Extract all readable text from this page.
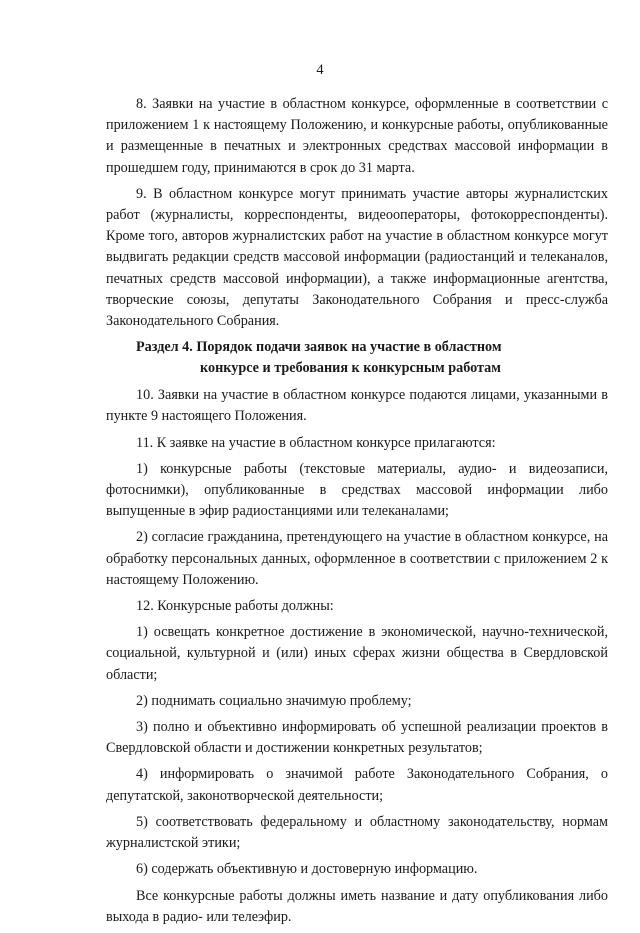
4

8. Заявки на участие в областном конкурсе, оформленные в соответствии с приложением 1 к настоящему Положению, и конкурсные работы, опубликованные и размещенные в печатных и электронных средствах массовой информации в прошедшем году, принимаются в срок до 31 марта.

9. В областном конкурсе могут принимать участие авторы журналистских работ (журналисты, корреспонденты, видеооператоры, фотокорреспонденты). Кроме того, авторов журналистских работ на участие в областном конкурсе могут выдвигать редакции средств массовой информации (радиостанций и телеканалов, печатных средств массовой информации), а также информационные агентства, творческие союзы, депутаты Законодательного Собрания и пресс-служба Законодательного Собрания.

Раздел 4. Порядок подачи заявок на участие в областном
конкурсе и требования к конкурсным работам

10. Заявки на участие в областном конкурсе подаются лицами, указанными в пункте 9 настоящего Положения.

11. К заявке на участие в областном конкурсе прилагаются:

1) конкурсные работы (текстовые материалы, аудио- и видеозаписи, фотоснимки), опубликованные в средствах массовой информации либо выпущенные в эфир радиостанциями или телеканалами;

2) согласие гражданина, претендующего на участие в областном конкурсе, на обработку персональных данных, оформленное в соответствии с приложением 2 к настоящему Положению.

12. Конкурсные работы должны:

1) освещать конкретное достижение в экономической, научно-технической, социальной, культурной и (или) иных сферах жизни общества в Свердловской области;

2) поднимать социально значимую проблему;

3) полно и объективно информировать об успешной реализации проектов в Свердловской области и достижении конкретных результатов;

4) информировать о значимой работе Законодательного Собрания, о депутатской, законотворческой деятельности;

5) соответствовать федеральному и областному законодательству, нормам журналистской этики;

6) содержать объективную и достоверную информацию.

Все конкурсные работы должны иметь название и дату опубликования либо выхода в радио- или телеэфир.
